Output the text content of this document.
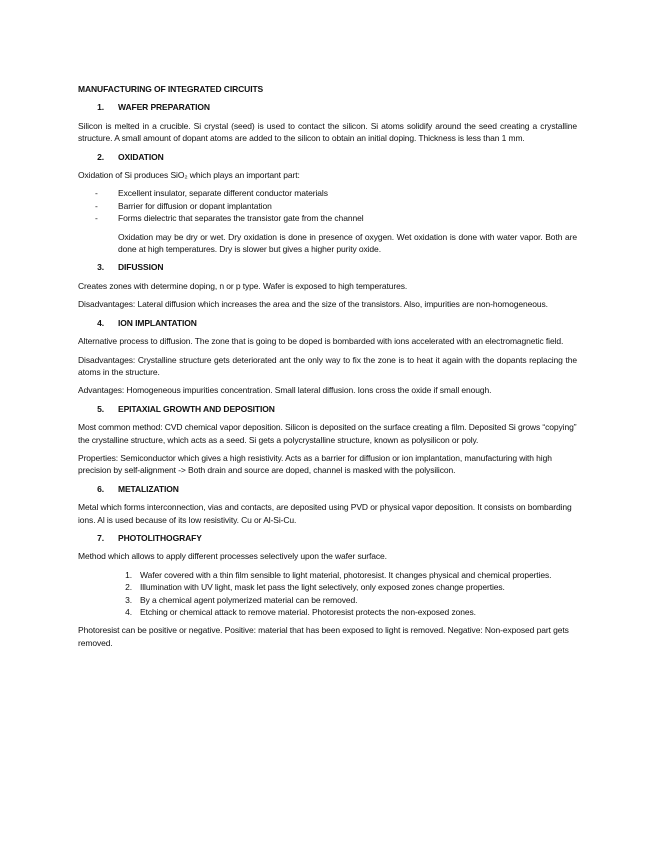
MANUFACTURING OF INTEGRATED CIRCUITS
1.	WAFER PREPARATION

Silicon is melted in a crucible. Si crystal (seed) is used to contact the silicon. Si atoms solidify around the seed creating a crystalline structure. A small amount of dopant atoms are added to the silicon to obtain an initial doping. Thickness is less than 1 mm.

2.	OXIDATION

Oxidation of Si produces SiO₂ which plays an important part:

-	Excellent insulator, separate different conductor materials
-	Barrier for diffusion or dopant implantation
-	Forms dielectric that separates the transistor gate from the channel

Oxidation may be dry or wet. Dry oxidation is done in presence of oxygen. Wet oxidation is done with water vapor. Both are done at high temperatures. Dry is slower but gives a higher purity oxide.

3.	DIFUSSION

Creates zones with determine doping, n or p type. Wafer is exposed to high temperatures.

Disadvantages: Lateral diffusion which increases the area and the size of the transistors. Also, impurities are non-homogeneous.

4.	ION IMPLANTATION

Alternative process to diffusion. The zone that is going to be doped is bombarded with ions accelerated with an electromagnetic field.

Disadvantages: Crystalline structure gets deteriorated ant the only way to fix the zone is to heat it again with the dopants replacing the atoms in the structure.

Advantages: Homogeneous impurities concentration. Small lateral diffusion. Ions cross the oxide if small enough.

5.	EPITAXIAL GROWTH AND DEPOSITION

Most common method: CVD chemical vapor deposition. Silicon is deposited on the surface creating a film. Deposited Si grows “copying” the crystalline structure, which acts as a seed. Si gets a polycrystalline structure, known as polysilicon or poly.

Properties: Semiconductor which gives a high resistivity. Acts as a barrier for diffusion or ion implantation, manufacturing with high precision by self-alignment -> Both drain and source are doped, channel is masked with the polysilicon.

6.	METALIZATION

Metal which forms interconnection, vias and contacts, are deposited using PVD or physical vapor deposition. It consists on bombarding ions. Al is used because of its low resistivity. Cu or Al-Si-Cu.

7.	PHOTOLITHOGRAFY

Method which allows to apply different processes selectively upon the wafer surface.

1. Wafer covered with a thin film sensible to light material, photoresist. It changes physical and chemical properties.
2. Illumination with UV light, mask let pass the light selectively, only exposed zones change properties.
3. By a chemical agent polymerized material can be removed.
4. Etching or chemical attack to remove material. Photoresist protects the non-exposed zones.

Photoresist can be positive or negative. Positive: material that has been exposed to light is removed. Negative: Non-exposed part gets removed.
